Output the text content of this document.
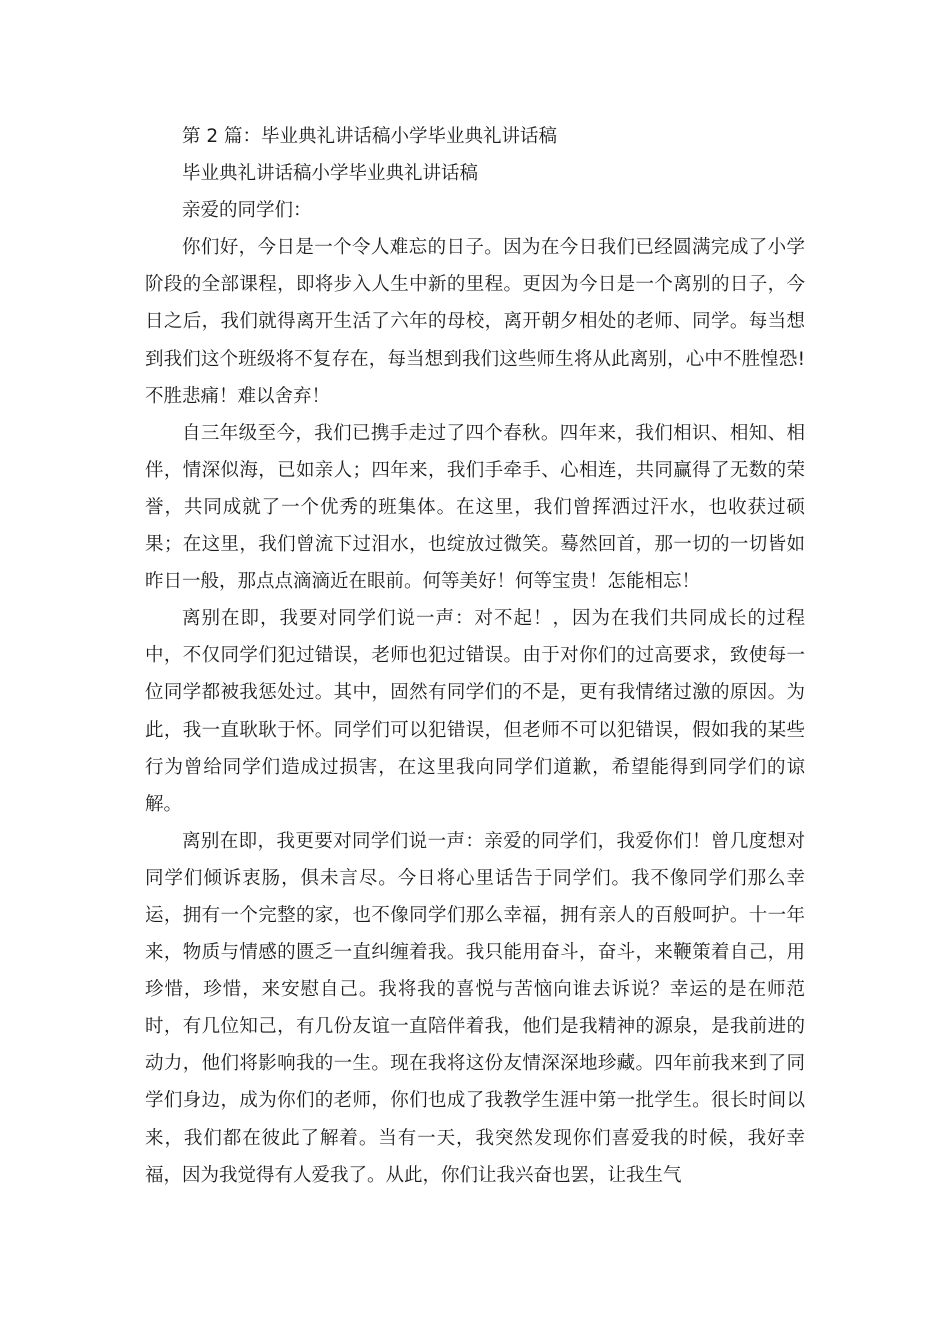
第 2 篇：毕业典礼讲话稿小学毕业典礼讲话稿
毕业典礼讲话稿小学毕业典礼讲话稿
亲爱的同学们：

你们好，今日是一个令人难忘的日子。因为在今日我们已经圆满完成了小学阶段的全部课程，即将步入人生中新的里程。更因为今日是一个离别的日子，今日之后，我们就得离开生活了六年的母校，离开朝夕相处的老师、同学。每当想到我们这个班级将不复存在，每当想到我们这些师生将从此离别，心中不胜惶恐!不胜悲痛！难以舍弃！

自三年级至今，我们已携手走过了四个春秋。四年来，我们相识、相知、相伴，情深似海，已如亲人；四年来，我们手牵手、心相连，共同赢得了无数的荣誉，共同成就了一个优秀的班集体。在这里，我们曾挥洒过汗水，也收获过硕果；在这里，我们曾流下过泪水，也绽放过微笑。蓦然回首，那一切的一切皆如昨日一般，那点点滴滴近在眼前。何等美好！何等宝贵！怎能相忘！

离别在即，我要对同学们说一声：对不起！，因为在我们共同成长的过程中，不仅同学们犯过错误，老师也犯过错误。由于对你们的过高要求，致使每一位同学都被我惩处过。其中，固然有同学们的不是，更有我情绪过激的原因。为此，我一直耿耿于怀。同学们可以犯错误，但老师不可以犯错误，假如我的某些行为曾给同学们造成过损害，在这里我向同学们道歉，希望能得到同学们的谅解。

离别在即，我更要对同学们说一声：亲爱的同学们，我爱你们！曾几度想对同学们倾诉衷肠，俱未言尽。今日将心里话告于同学们。我不像同学们那么幸运，拥有一个完整的家，也不像同学们那么幸福，拥有亲人的百般呵护。十一年来，物质与情感的匮乏一直纠缠着我。我只能用奋斗，奋斗，来鞭策着自己，用珍惜，珍惜，来安慰自己。我将我的喜悦与苦恼向谁去诉说？幸运的是在师范时，有几位知己，有几份友谊一直陪伴着我，他们是我精神的源泉，是我前进的动力，他们将影响我的一生。现在我将这份友情深深地珍藏。四年前我来到了同学们身边，成为你们的老师，你们也成了我教学生涯中第一批学生。很长时间以来，我们都在彼此了解着。当有一天，我突然发现你们喜爱我的时候，我好幸福，因为我觉得有人爱我了。从此，你们让我兴奋也罢，让我生气
